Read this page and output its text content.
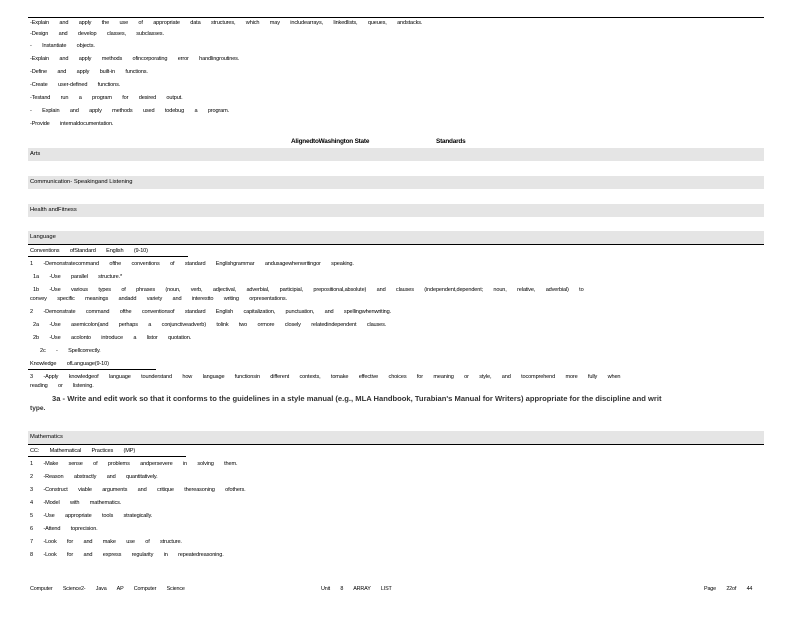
-Explain and apply the use of appropriate data structures, which may includearrays, linkedlists, queues, andstacks.
-Design and develop classes, subclasses.
- Instantiate objects.
-Explain and apply methods ofincorporating error handlingroutines.
-Define and apply built-in functions.
-Create user-defined functions.
-Testand run a program for desired output.
- Explain and apply methods used todebug a program.
-Provide internaldocumentation.
AlignedtoWashington State	Standards
Arts
Communication- Speakingand Listening
Health andFitness
Language
Conventions ofStandard English (9-10)
1 -Demonstratecommand ofthe conventions of standard Englishgrammar andusagewhenwritingor speaking.
1a -Use parallel structure.*
1b -Use various types of phrases (noun, verb, adjectival, adverbial, participial, prepositional,absolute) and clauses (independent,dependent; noun, relative, adverbial) to
convey specific meanings andadd variety and interestto writing orpresentations.
2 -Demonstrate command ofthe conventionsof standard English capitalization, punctuation, and spellingwhenwriting.
2a -Use asemicolon(and perhaps a conjunctiveadverb) tolink two ormore closely relatedindependent clauses.
2b -Use acolonto introduce a listor quotation.
2c - Spellcorrectly.
Knowledge ofLanguage(9-10)
3 -Apply knowledgeof language tounderstand how language functionsin different contexts, tomake effective choices for meaning or style, and tocomprehend more fully when
reading or listening.
3a - Write and edit work so that it conforms to the guidelines in a style manual (e.g., MLA Handbook, Turabian's Manual for Writers) appropriate for the discipline and writ
type.
Mathematics
CC: Mathematical Practices (MP)
1 -Make sense of problems andpersevere in solving them.
2 -Reason abstractly and quantitatively.
3 -Construct viable arguments and critique thereasoning ofothers.
4 -Model with mathematics.
5 -Use appropriate tools strategically.
6 -Attend toprecision.
7 -Look for and make use of structure.
8 -Look for and express regularity in repeatedreasoning.
Computer Science2- Java AP Computer Science	Unit 8 ARRAY LIST	Page 22of 44
